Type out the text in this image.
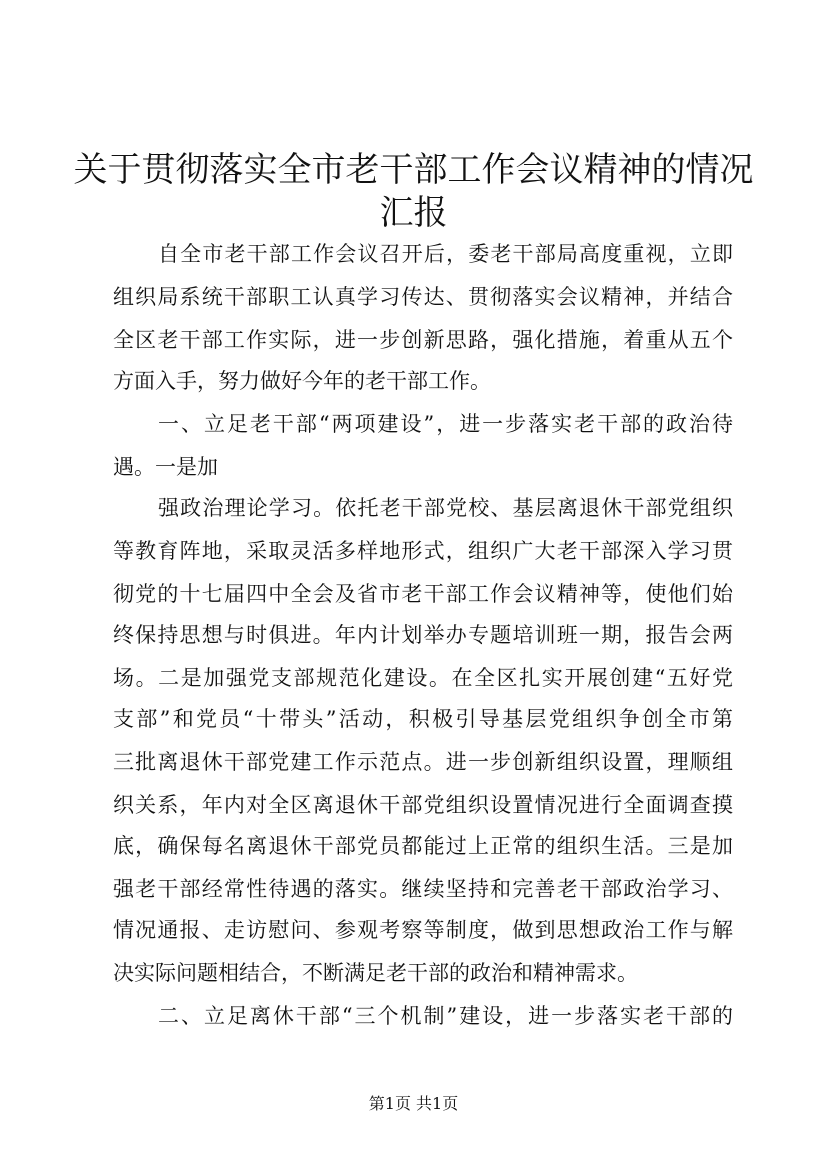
关于贯彻落实全市老干部工作会议精神的情况
汇报
自全市老干部工作会议召开后，委老干部局高度重视，立即
组织局系统干部职工认真学习传达、贯彻落实会议精神，并结合
全区老干部工作实际，进一步创新思路，强化措施，着重从五个
方面入手，努力做好今年的老干部工作。
一、立足老干部“两项建设”，进一步落实老干部的政治待
遇。一是加
强政治理论学习。依托老干部党校、基层离退休干部党组织
等教育阵地，采取灵活多样地形式，组织广大老干部深入学习贯
彻党的十七届四中全会及省市老干部工作会议精神等，使他们始
终保持思想与时俱进。年内计划举办专题培训班一期，报告会两
场。二是加强党支部规范化建设。在全区扎实开展创建“五好党
支部”和党员“十带头”活动，积极引导基层党组织争创全市第
三批离退休干部党建工作示范点。进一步创新组织设置，理顺组
织关系，年内对全区离退休干部党组织设置情况进行全面调查摸
底，确保每名离退休干部党员都能过上正常的组织生活。三是加
强老干部经常性待遇的落实。继续坚持和完善老干部政治学习、
情况通报、走访慰问、参观考察等制度，做到思想政治工作与解
决实际问题相结合，不断满足老干部的政治和精神需求。
二、立足离休干部“三个机制”建设，进一步落实老干部的
第1页 共1页
